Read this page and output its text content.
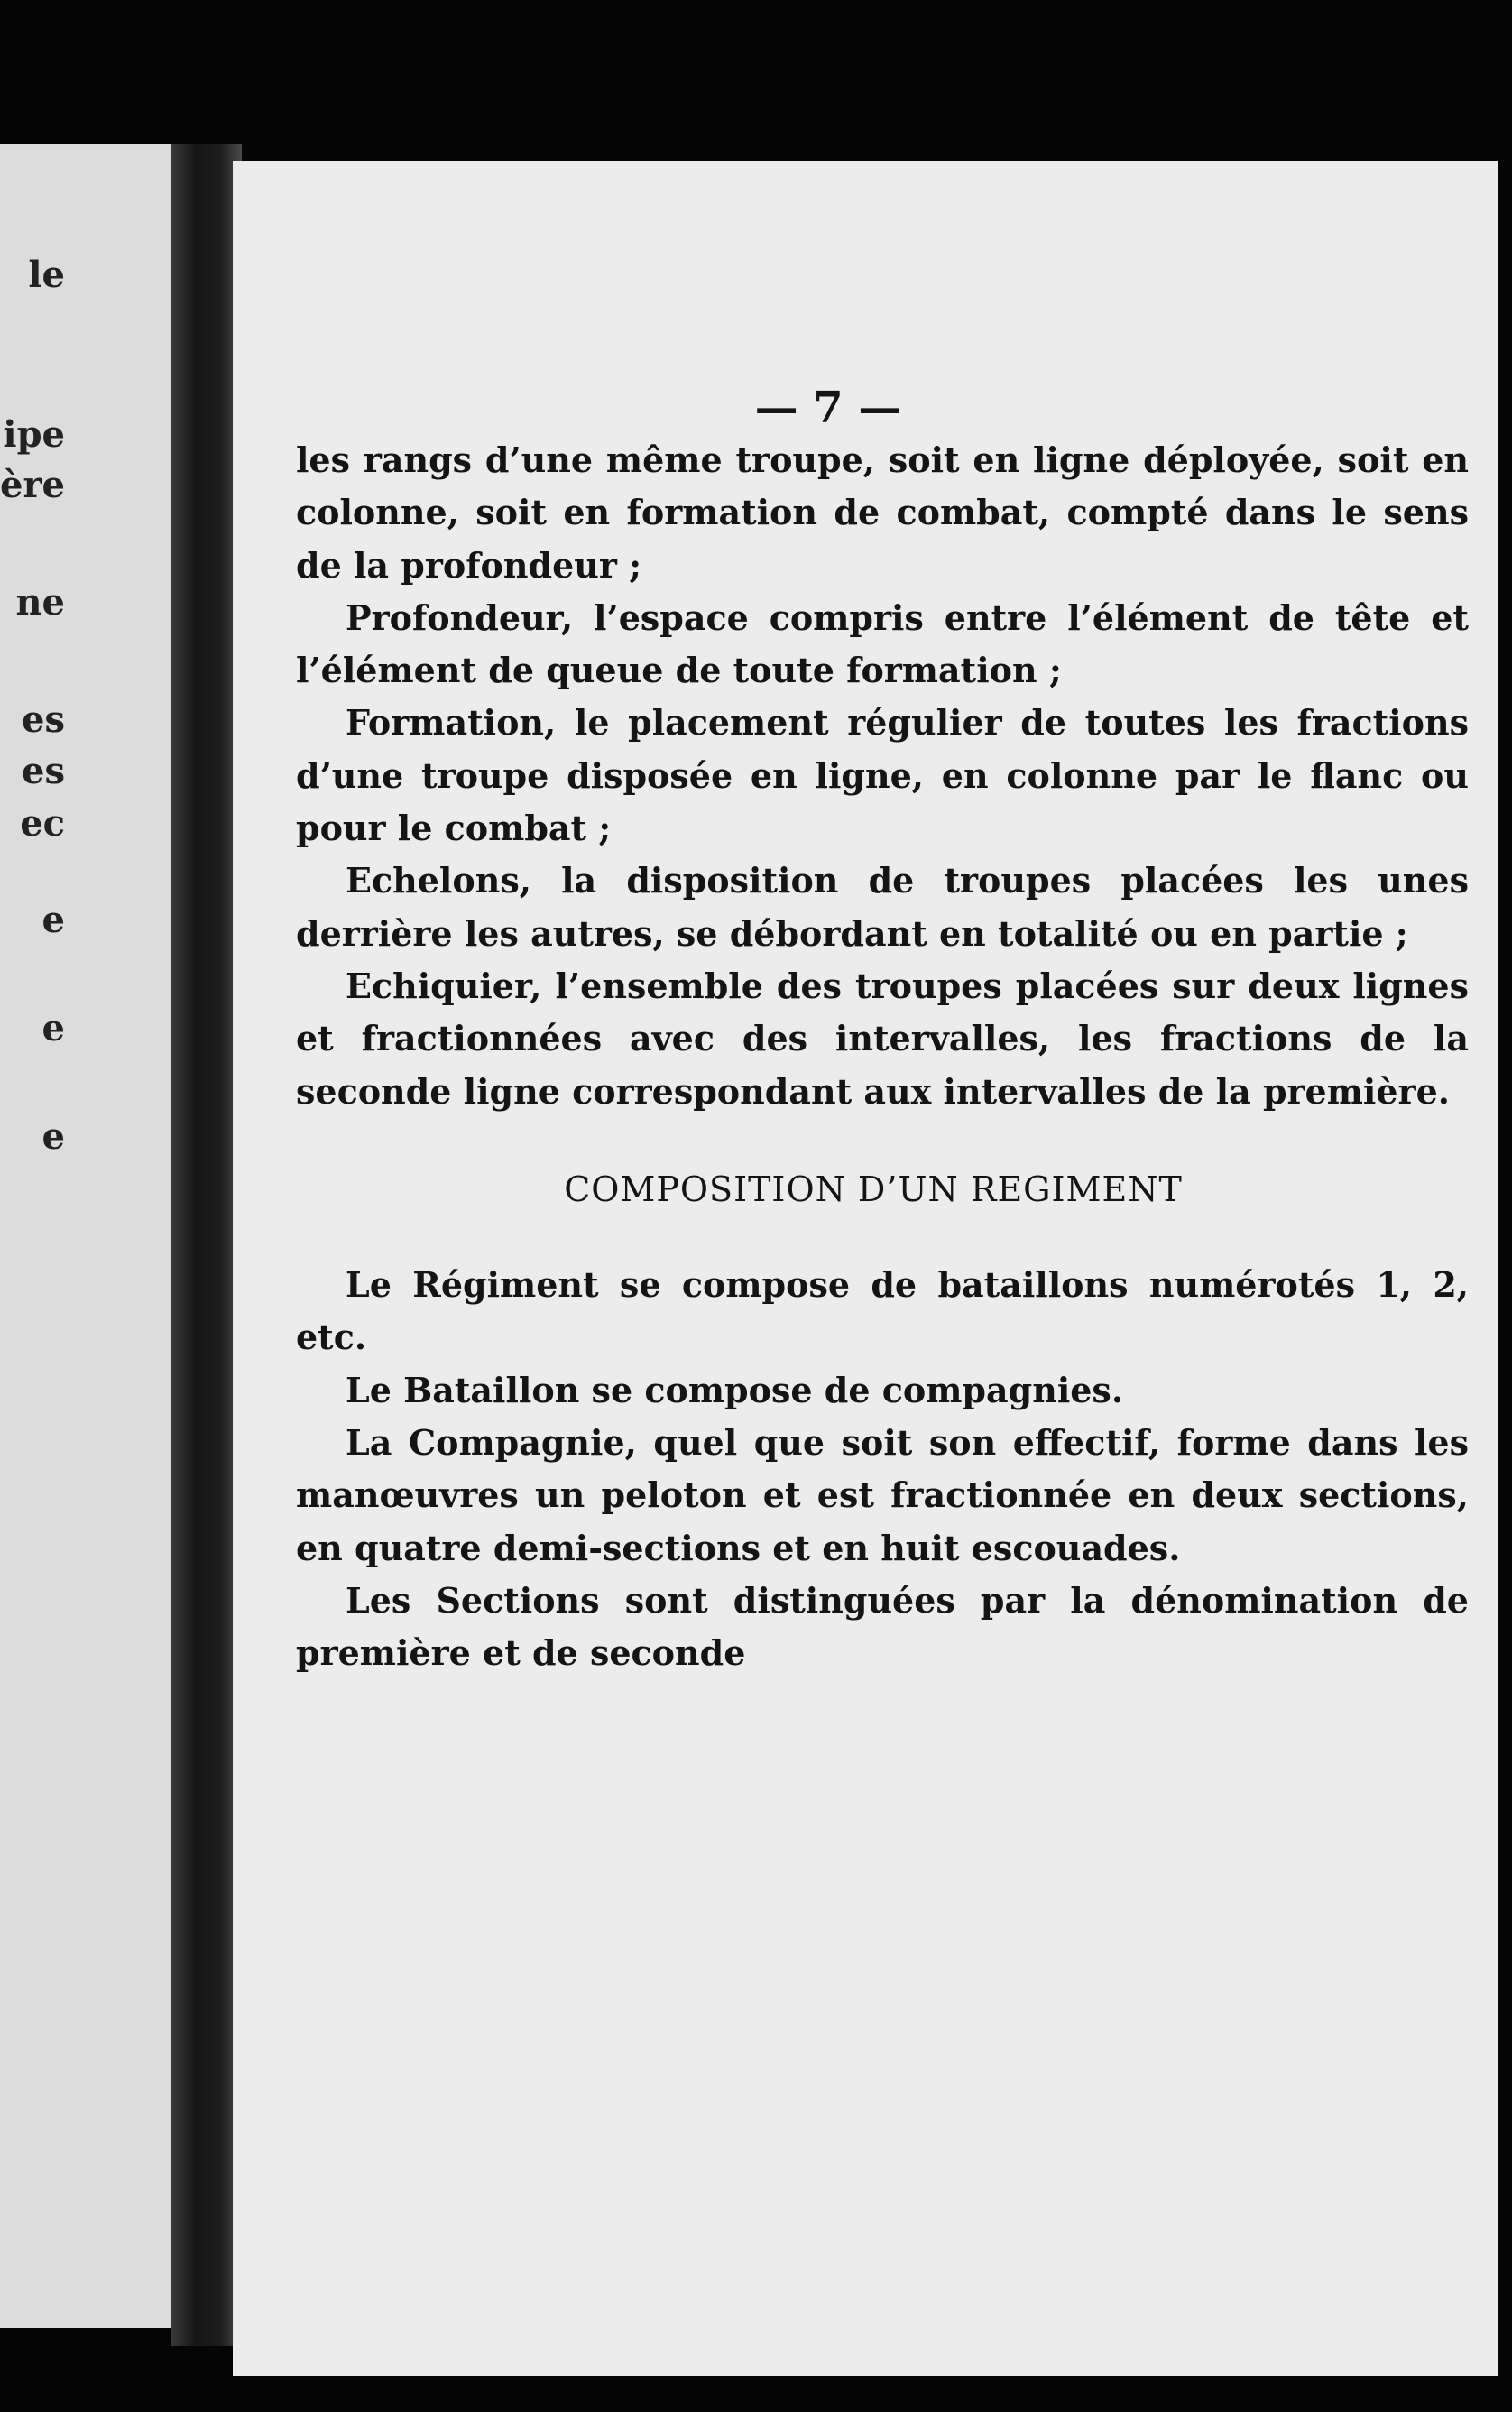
le
ipe
ère
ne
es
es
ec
e
e
e
— 7 —

les rangs d’une même troupe, soit en ligne déployée, soit en colonne, soit en formation de combat, compté dans le sens de la profondeur ;

Profondeur, l’espace compris entre l’élément de tête et l’élément de queue de toute formation ;

Formation, le placement régulier de toutes les fractions d’une troupe disposée en ligne, en colonne par le flanc ou pour le combat ;

Echelons, la disposition de troupes placées les unes derrière les autres, se débordant en totalité ou en partie ;

Echiquier, l’ensemble des troupes placées sur deux lignes et fractionnées avec des intervalles, les fractions de la seconde ligne correspondant aux intervalles de la première.

COMPOSITION D’UN REGIMENT

Le Régiment se compose de bataillons numérotés 1, 2, etc.

Le Bataillon se compose de compagnies.

La Compagnie, quel que soit son effectif, forme dans les manœuvres un peloton et est fractionnée en deux sections, en quatre demi-sections et en huit escouades.

Les Sections sont distinguées par la dénomination de première et de seconde
